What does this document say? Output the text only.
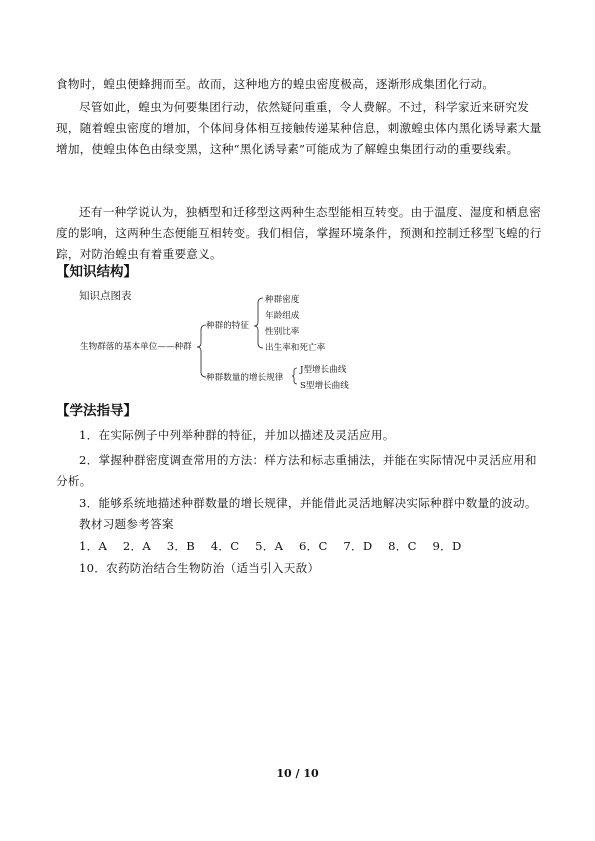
食物时，蝗虫便蜂拥而至。故而，这种地方的蝗虫密度极高，逐渐形成集团化行动。

尽管如此，蝗虫为何要集团行动，依然疑问重重，令人费解。不过，科学家近来研究发现，随着蝗虫密度的增加，个体间身体相互接触传递某种信息，刺激蝗虫体内黑化诱导素大量增加，使蝗虫体色由绿变黑，这种“黑化诱导素”可能成为了解蝗虫集团行动的重要线索。

还有一种学说认为，独栖型和迁移型这两种生态型能相互转变。由于温度、湿度和栖息密度的影响，这两种生态便能互相转变。我们相信，掌握环境条件，预测和控制迁移型飞蝗的行踪，对防治蝗虫有着重要意义。

【知识结构】

知识点图表
生物群落的基本单位——种群
种群的特征
种群数量的增长规律
种群密度
年龄组成
性别比率
出生率和死亡率
J型增长曲线
S型增长曲线

【学法指导】

1．在实际例子中列举种群的特征，并加以描述及灵活应用。

2．掌握种群密度调查常用的方法：样方法和标志重捕法，并能在实际情况中灵活应用和分析。

3．能够系统地描述种群数量的增长规律，并能借此灵活地解决实际种群中数量的波动。
教材习题参考答案
1．A　 2．A　 3．B　 4．C　 5．A　 6．C　 7．D　 8．C　 9．D
10．农药防治结合生物防治（适当引入天敌）
10 / 10
